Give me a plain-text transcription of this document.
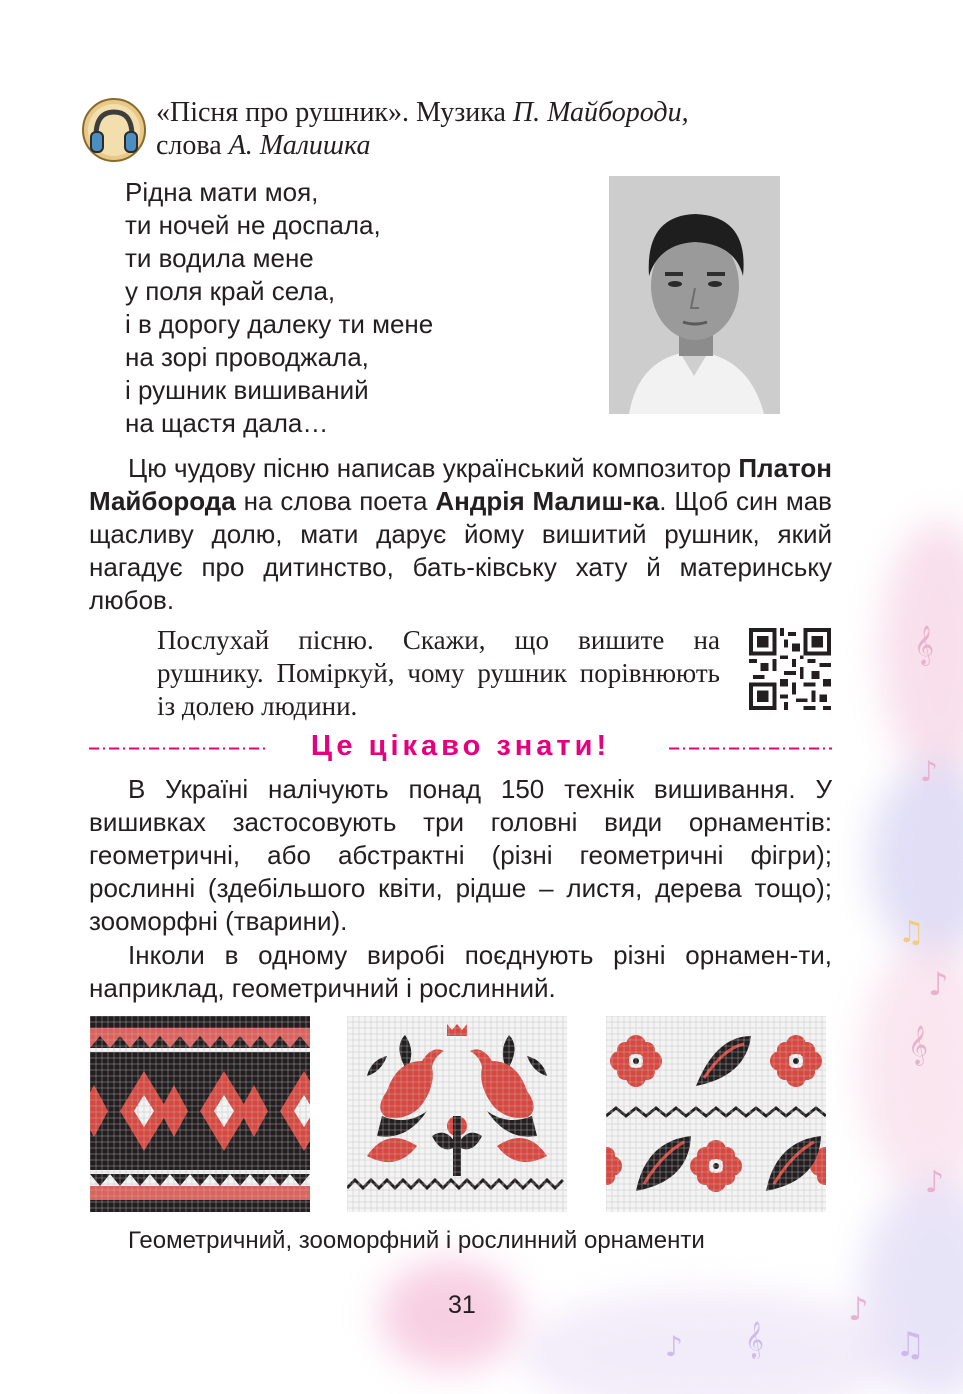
𝄞
♪
♫
♪
𝄞
♪
♪
♫
𝄞
♪
«Пісня про рушник». Музика П. Майбороди,
слова А. Малишка
Рідна мати моя,
ти ночей не доспала,
ти водила мене
у поля край села,
і в дорогу далеку ти мене
на зорі проводжала,
і рушник вишиваний
на щастя дала…
Цю чудову пісню написав український композитор Платон Майборода на слова поета Андрія Малиш-ка. Щоб син мав щасливу долю, мати дарує йому вишитий рушник, який нагадує про дитинство, бать-ківську хату й материнську любов.
Послухай пісню. Скажи, що вишите на рушнику. Поміркуй, чому рушник порівнюють із долею людини.
Це цікаво знати!
В Україні налічують понад 150 технік вишивання. У вишивках застосовують три головні види орнаментів: геометричні, або абстрактні (різні геометричні фігри); рослинні (здебільшого квіти, рідше – листя, дерева тощо); зооморфні (тварини).
Інколи в одному виробі поєднують різні орнамен-ти, наприклад, геометричний і рослинний.
Геометричний, зооморфний і рослинний орнаменти
31
